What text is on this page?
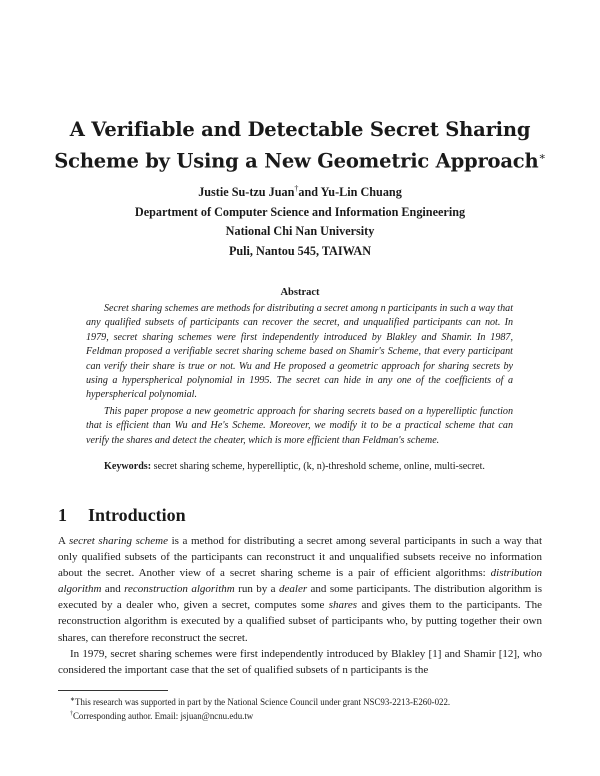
A Verifiable and Detectable Secret Sharing
Scheme by Using a New Geometric Approach∗
Justie Su-tzu Juan†and Yu-Lin Chuang
Department of Computer Science and Information Engineering
National Chi Nan University
Puli, Nantou 545, TAIWAN
Abstract

Secret sharing schemes are methods for distributing a secret among n participants in such a way that any qualified subsets of participants can recover the secret, and unqualified participants can not. In 1979, secret sharing schemes were first independently introduced by Blakley and Shamir. In 1987, Feldman proposed a verifiable secret sharing scheme based on Shamir's Scheme, that every participant can verify their share is true or not. Wu and He proposed a geometric approach for sharing secrets by using a hyperspherical polynomial in 1995. The secret can hide in any one of the coefficients of a hyperspherical polynomial.

This paper propose a new geometric approach for sharing secrets based on a hyperelliptic function that is efficient than Wu and He's Scheme. Moreover, we modify it to be a practical scheme that can verify the shares and detect the cheater, which is more efficient than Feldman's scheme.

Keywords: secret sharing scheme, hyperelliptic, (k, n)-threshold scheme, online, multi-secret.
1 Introduction

A secret sharing scheme is a method for distributing a secret among several participants in such a way that only qualified subsets of the participants can reconstruct it and unqualified subsets receive no information about the secret. Another view of a secret sharing scheme is a pair of efficient algorithms: distribution algorithm and reconstruction algorithm run by a dealer and some participants. The distribution algorithm is executed by a dealer who, given a secret, computes some shares and gives them to the participants. The reconstruction algorithm is executed by a qualified subset of participants who, by putting together their own shares, can therefore reconstruct the secret.

In 1979, secret sharing schemes were first independently introduced by Blakley [1] and Shamir [12], who considered the important case that the set of qualified subsets of n participants is the

∗This research was supported in part by the National Science Council under grant NSC93-2213-E260-022.
†Corresponding author. Email: jsjuan@ncnu.edu.tw
